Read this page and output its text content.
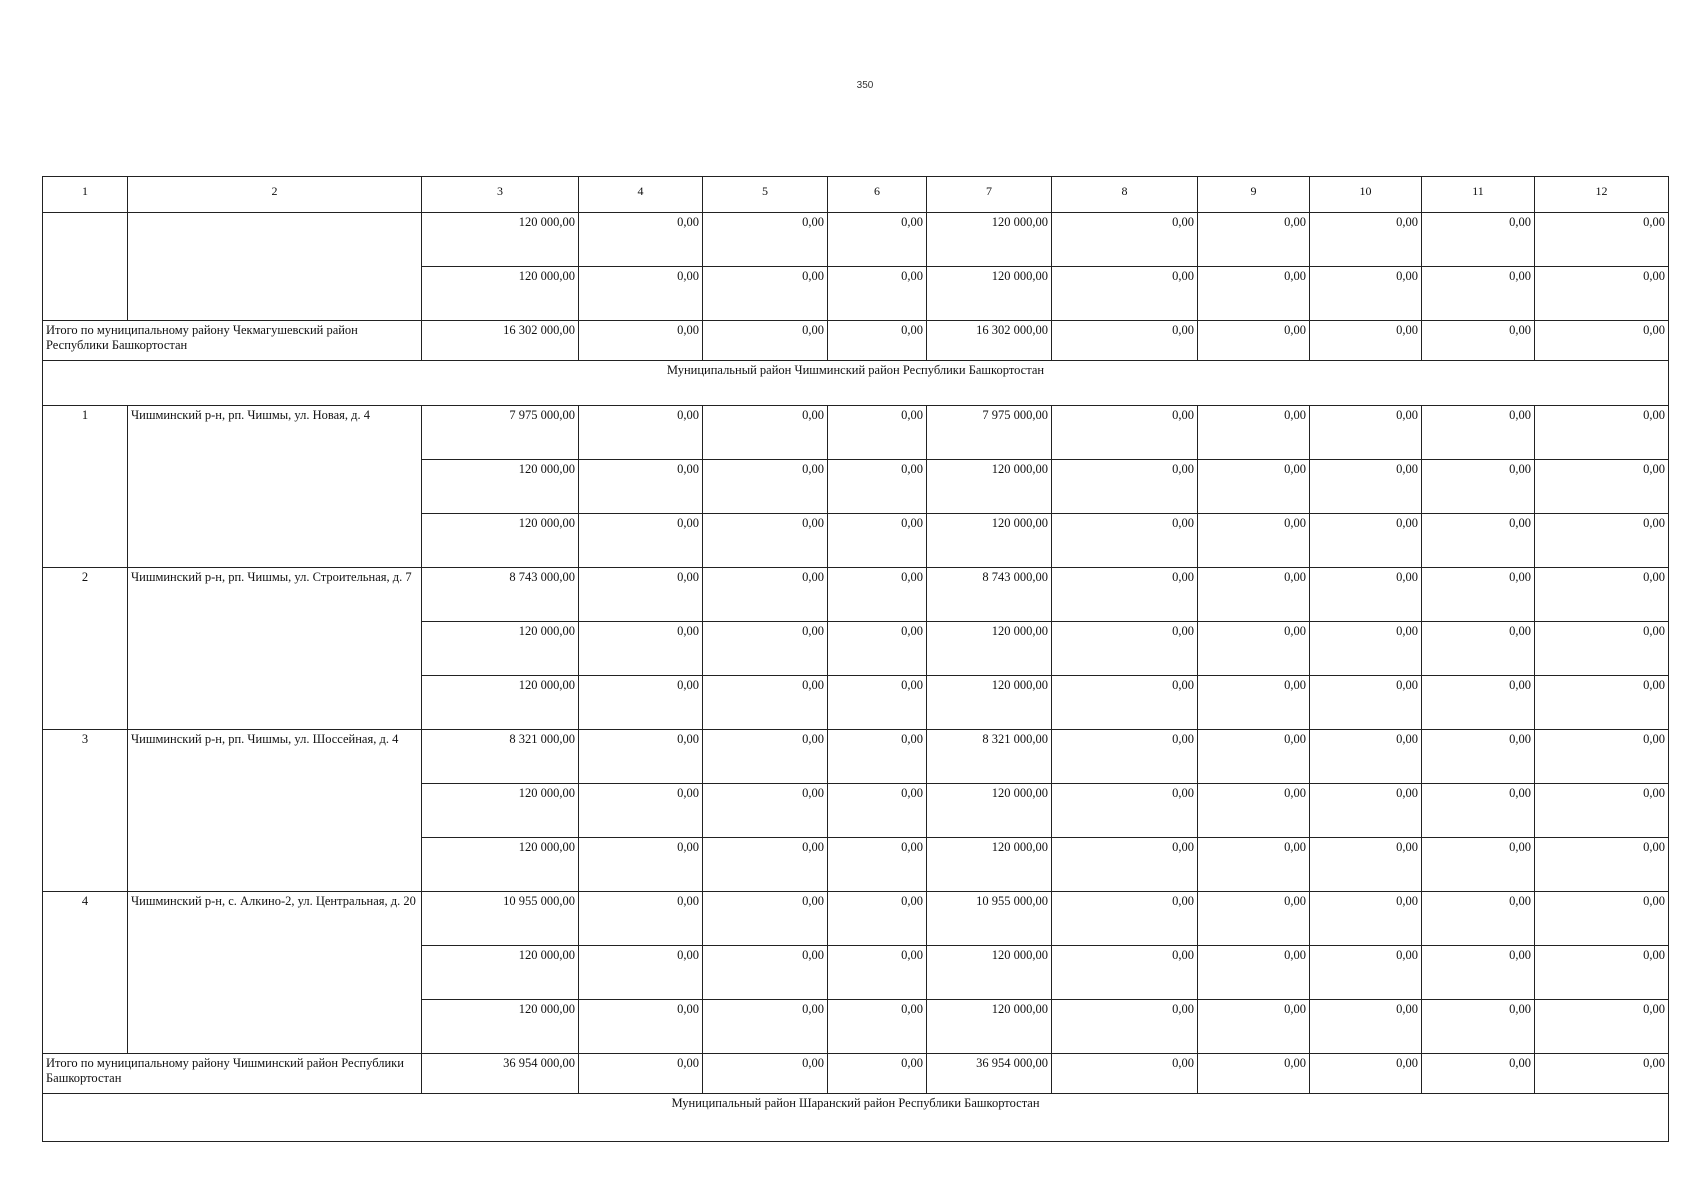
350
1	2	3	4	5	6	7	8	9	10	11	12
		120 000,00	0,00	0,00	0,00	120 000,00	0,00	0,00	0,00	0,00	0,00
		120 000,00	0,00	0,00	0,00	120 000,00	0,00	0,00	0,00	0,00	0,00
Итого по муниципальному району Чекмагушевский район Республики Башкортостан		16 302 000,00	0,00	0,00	0,00	16 302 000,00	0,00	0,00	0,00	0,00	0,00
Муниципальный район Чишминский район Республики Башкортостан											
1	Чишминский р-н, рп. Чишмы, ул. Новая, д. 4	7 975 000,00	0,00	0,00	0,00	7 975 000,00	0,00	0,00	0,00	0,00	0,00
		120 000,00	0,00	0,00	0,00	120 000,00	0,00	0,00	0,00	0,00	0,00
		120 000,00	0,00	0,00	0,00	120 000,00	0,00	0,00	0,00	0,00	0,00
2	Чишминский р-н, рп. Чишмы, ул. Строительная, д. 7	8 743 000,00	0,00	0,00	0,00	8 743 000,00	0,00	0,00	0,00	0,00	0,00
		120 000,00	0,00	0,00	0,00	120 000,00	0,00	0,00	0,00	0,00	0,00
		120 000,00	0,00	0,00	0,00	120 000,00	0,00	0,00	0,00	0,00	0,00
3	Чишминский р-н, рп. Чишмы, ул. Шоссейная, д. 4	8 321 000,00	0,00	0,00	0,00	8 321 000,00	0,00	0,00	0,00	0,00	0,00
		120 000,00	0,00	0,00	0,00	120 000,00	0,00	0,00	0,00	0,00	0,00
		120 000,00	0,00	0,00	0,00	120 000,00	0,00	0,00	0,00	0,00	0,00
4	Чишминский р-н, с. Алкино-2, ул. Центральная, д. 20	10 955 000,00	0,00	0,00	0,00	10 955 000,00	0,00	0,00	0,00	0,00	0,00
		120 000,00	0,00	0,00	0,00	120 000,00	0,00	0,00	0,00	0,00	0,00
		120 000,00	0,00	0,00	0,00	120 000,00	0,00	0,00	0,00	0,00	0,00
Итого по муниципальному району Чишминский район Республики Башкортостан		36 954 000,00	0,00	0,00	0,00	36 954 000,00	0,00	0,00	0,00	0,00	0,00
Муниципальный район Шаранский район Республики Башкортостан											
